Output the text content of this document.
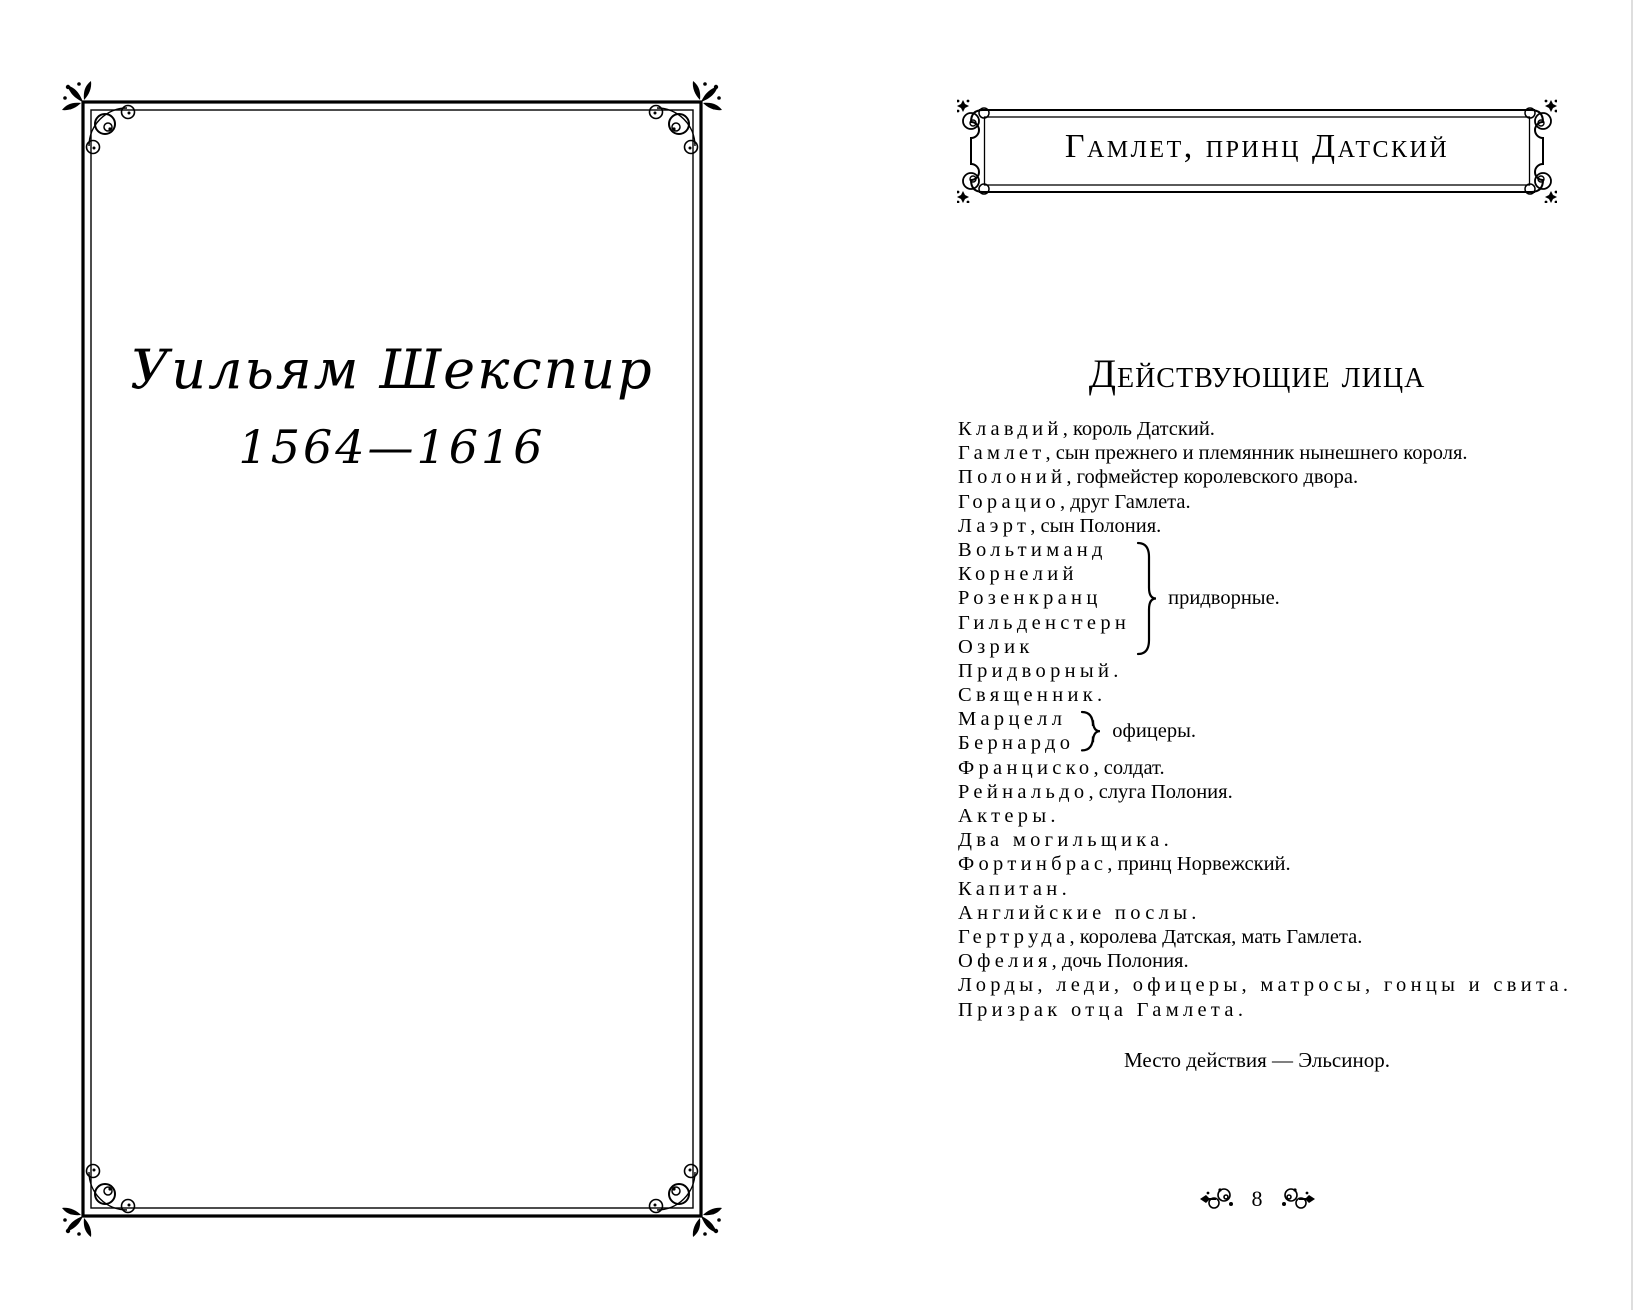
Уильям Шекспир
1564—1616
Гамлет, принц Датский
Действующие лица
Клавдий, король Датский.
Гамлет, сын прежнего и племянник нынешнего короля.
Полоний, гофмейстер королевского двора.
Горацио, друг Гамлета.
Лаэрт, сын Полония.
Вольтиманд
Корнелий
Розенкранц
Гильденстерн
Озрик
придворные.
Придворный.
Священник.
Марцелл
Бернардо
офицеры.
Франциско, солдат.
Рейнальдо, слуга Полония.
Актеры.
Два могильщика.
Фортинбрас, принц Норвежский.
Капитан.
Английские послы.
Гертруда, королева Датская, мать Гамлета.
Офелия, дочь Полония.
Лорды, леди, офицеры, матросы, гонцы и свита.
Призрак отца Гамлета.
Место действия — Эльсинор.
8
